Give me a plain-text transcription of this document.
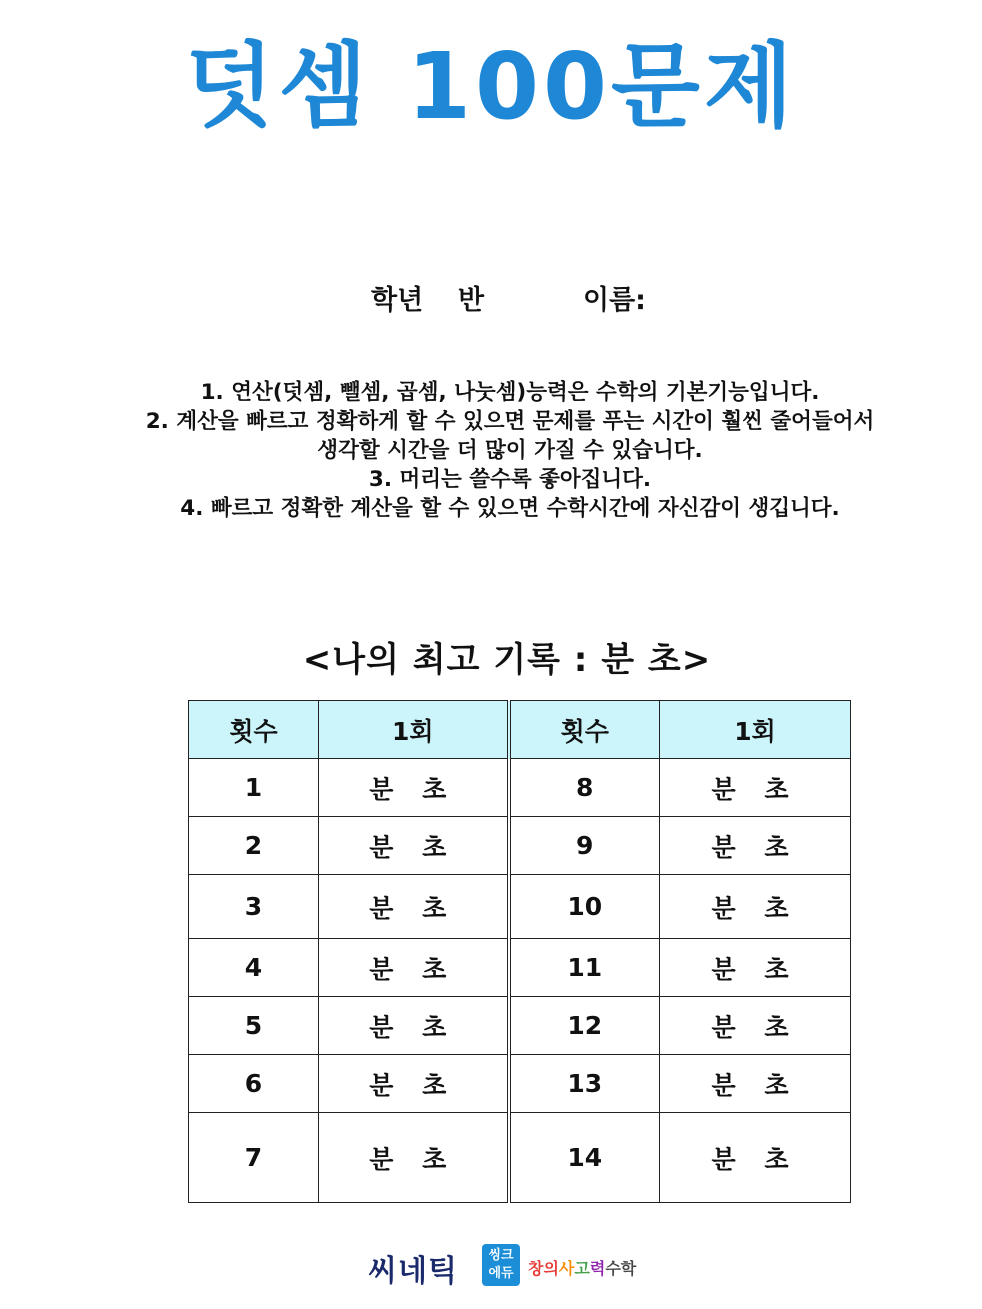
덧셈 100문제
학년 반	이름:
1. 연산(덧셈, 뺄셈, 곱셈, 나눗셈)능력은 수학의 기본기능입니다.
2. 계산을 빠르고 정확하게 할 수 있으면 문제를 푸는 시간이 훨씬 줄어들어서
생각할 시간을 더 많이 가질 수 있습니다.
3. 머리는 쓸수록 좋아집니다.
4. 빠르고 정확한 계산을 할 수 있으면 수학시간에 자신감이 생깁니다.
<나의 최고 기록 : 분 초>
횟수	1회	횟수	1회
1	분 초	8	분 초
2	분 초	9	분 초
3	분 초	10	분 초
4	분 초	11	분 초
5	분 초	12	분 초
6	분 초	13	분 초
7	분 초	14	분 초
씨네틱	씽크
에듀 창의사고력수학
